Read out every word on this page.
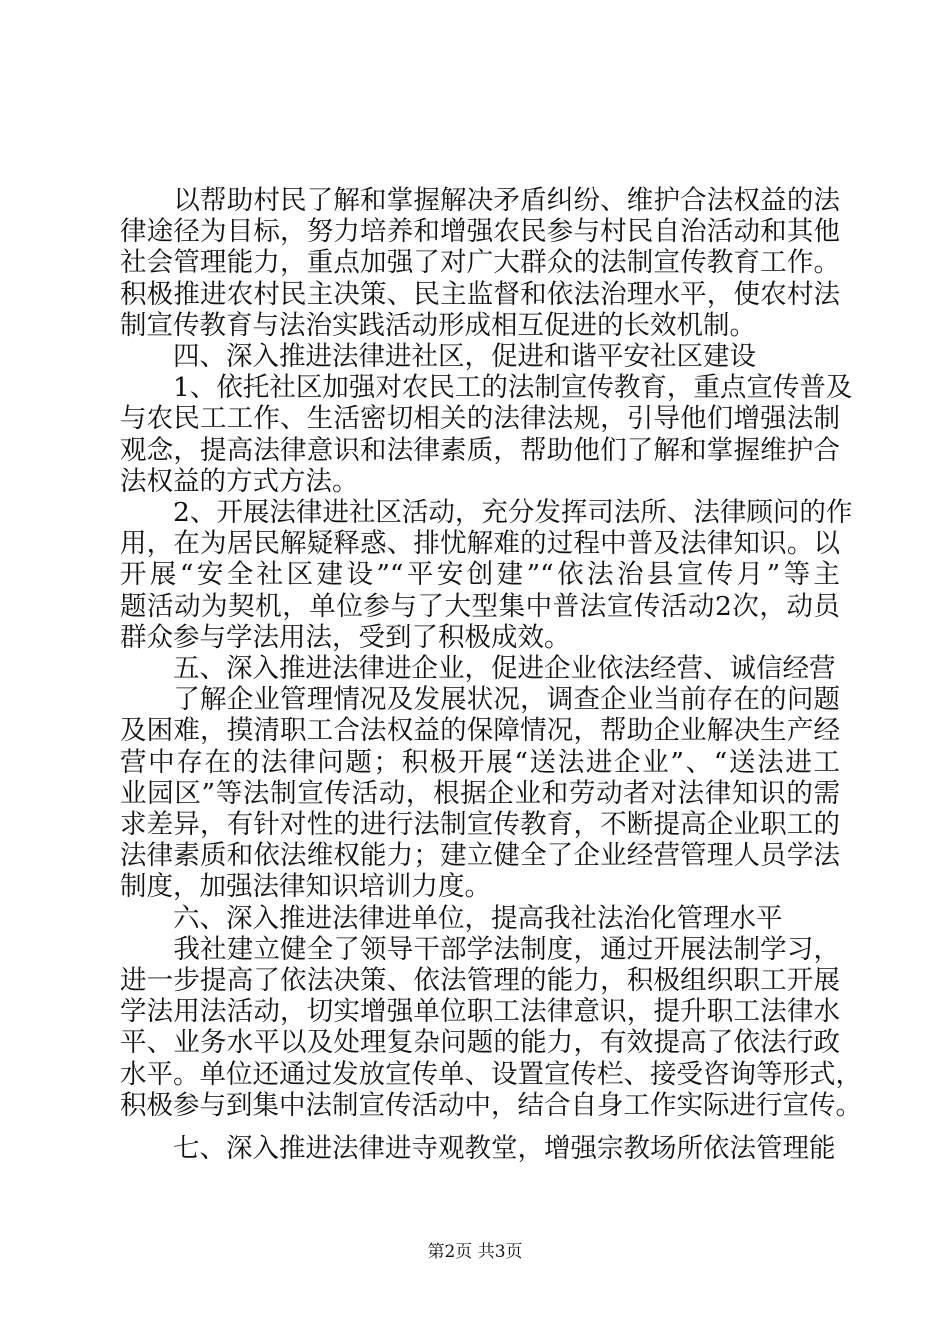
　　以帮助村民了解和掌握解决矛盾纠纷、维护合法权益的法
律途径为目标，努力培养和增强农民参与村民自治活动和其他
社会管理能力，重点加强了对广大群众的法制宣传教育工作。
积极推进农村民主决策、民主监督和依法治理水平，使农村法
制宣传教育与法治实践活动形成相互促进的长效机制。
　　四、深入推进法律进社区，促进和谐平安社区建设
　　1、依托社区加强对农民工的法制宣传教育，重点宣传普及
与农民工工作、生活密切相关的法律法规，引导他们增强法制
观念，提高法律意识和法律素质，帮助他们了解和掌握维护合
法权益的方式方法。
　　2、开展法律进社区活动，充分发挥司法所、法律顾问的作
用，在为居民解疑释惑、排忧解难的过程中普及法律知识。以
开展“安全社区建设”“平安创建”“依法治县宣传月”等主
题活动为契机，单位参与了大型集中普法宣传活动2次，动员
群众参与学法用法，受到了积极成效。
　　五、深入推进法律进企业，促进企业依法经营、诚信经营
　　了解企业管理情况及发展状况，调查企业当前存在的问题
及困难，摸清职工合法权益的保障情况，帮助企业解决生产经
营中存在的法律问题；积极开展“送法进企业”、“送法进工
业园区”等法制宣传活动，根据企业和劳动者对法律知识的需
求差异，有针对性的进行法制宣传教育，不断提高企业职工的
法律素质和依法维权能力；建立健全了企业经营管理人员学法
制度，加强法律知识培训力度。
　　六、深入推进法律进单位，提高我社法治化管理水平
　　我社建立健全了领导干部学法制度，通过开展法制学习，
进一步提高了依法决策、依法管理的能力，积极组织职工开展
学法用法活动，切实增强单位职工法律意识，提升职工法律水
平、业务水平以及处理复杂问题的能力，有效提高了依法行政
水平。单位还通过发放宣传单、设置宣传栏、接受咨询等形式，
积极参与到集中法制宣传活动中，结合自身工作实际进行宣传。
　　七、深入推进法律进寺观教堂，增强宗教场所依法管理能
第2页 共3页
